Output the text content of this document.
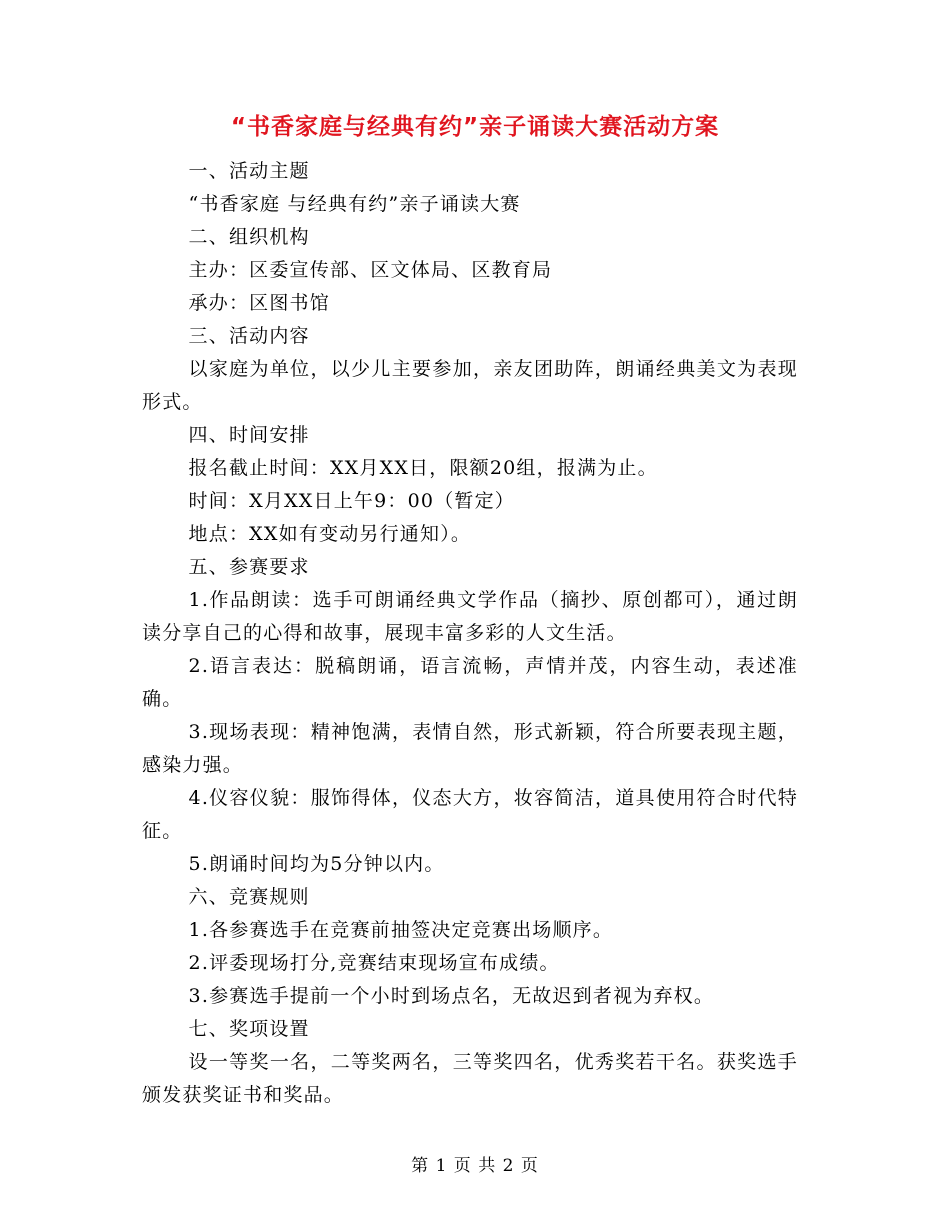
“书香家庭与经典有约”亲子诵读大赛活动方案

一、活动主题

“书香家庭 与经典有约”亲子诵读大赛

二、组织机构

主办：区委宣传部、区文体局、区教育局

承办：区图书馆

三、活动内容

以家庭为单位，以少儿主要参加，亲友团助阵，朗诵经典美文为表现形式。

四、时间安排

报名截止时间：XX月XX日，限额20组，报满为止。

时间：X月XX日上午9：00（暂定）

地点：XX如有变动另行通知）。

五、参赛要求

1.作品朗读：选手可朗诵经典文学作品（摘抄、原创都可），通过朗读分享自己的心得和故事，展现丰富多彩的人文生活。

2.语言表达：脱稿朗诵，语言流畅，声情并茂，内容生动，表述准确。

3.现场表现：精神饱满，表情自然，形式新颖，符合所要表现主题，感染力强。

4.仪容仪貌：服饰得体，仪态大方，妆容简洁，道具使用符合时代特征。

5.朗诵时间均为5分钟以内。

六、竞赛规则

1.各参赛选手在竞赛前抽签决定竞赛出场顺序。

2.评委现场打分,竞赛结束现场宣布成绩。

3.参赛选手提前一个小时到场点名，无故迟到者视为弃权。

七、奖项设置

设一等奖一名，二等奖两名，三等奖四名，优秀奖若干名。获奖选手颁发获奖证书和奖品。

第 1 页 共 2 页
